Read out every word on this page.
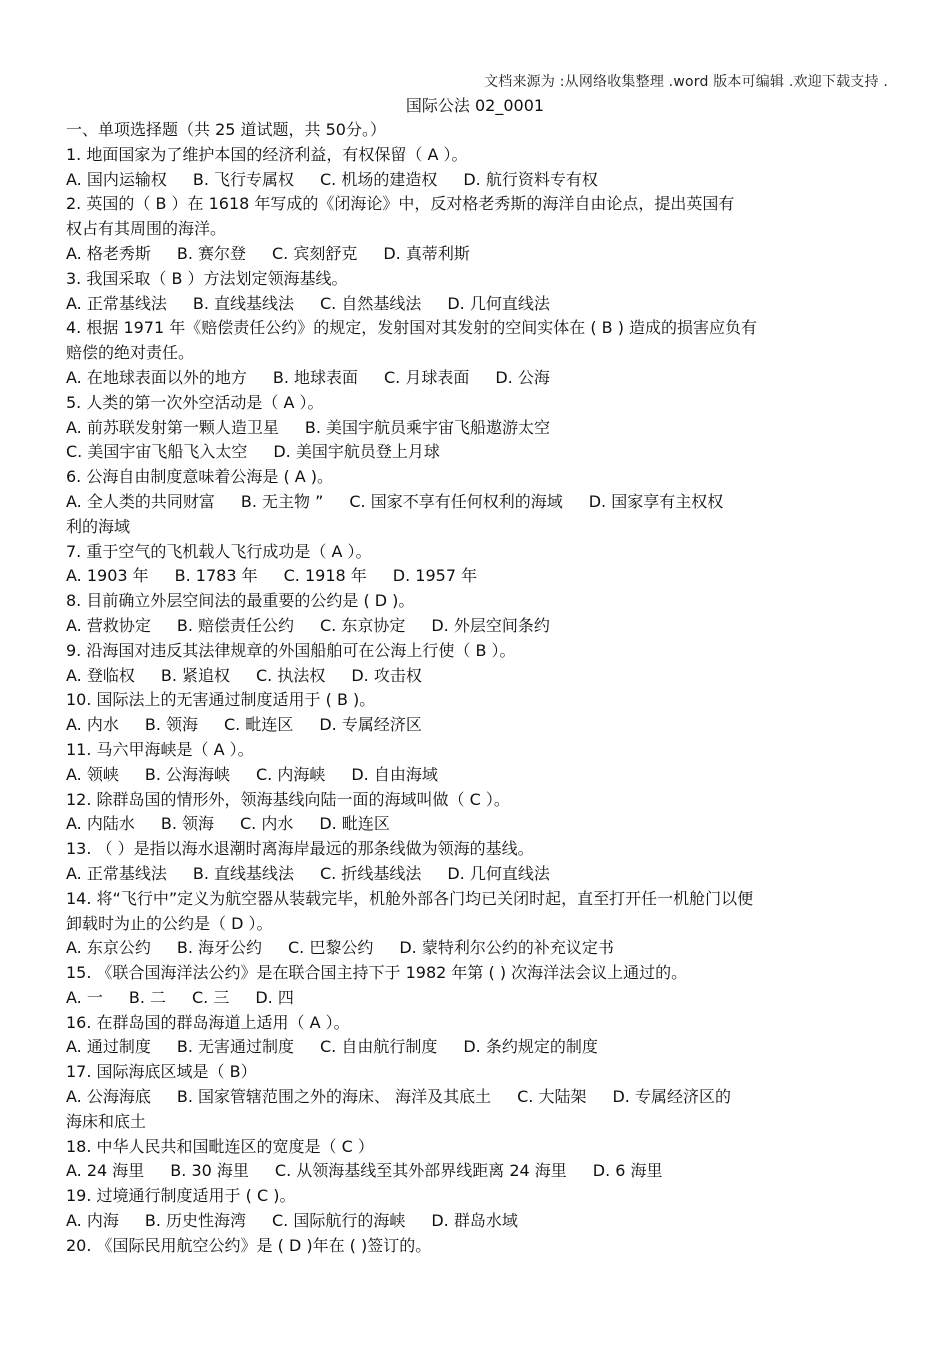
文档来源为 :从网络收集整理 .word 版本可编辑 .欢迎下载支持 .
国际公法 02_0001
一、单项选择题（共 25 道试题，共 50分。）
1. 地面国家为了维护本国的经济利益，有权保留（ A ）。
A. 国内运输权 B. 飞行专属权 C. 机场的建造权 D. 航行资料专有权
2. 英国的（ B ）在 1618 年写成的《闭海论》中，反对格老秀斯的海洋自由论点，提出英国有
权占有其周围的海洋。
A. 格老秀斯 B. 赛尔登 C. 宾刻舒克 D. 真蒂利斯
3. 我国采取（ B ）方法划定领海基线。
A. 正常基线法 B. 直线基线法 C. 自然基线法 D. 几何直线法
4. 根据 1971 年《赔偿责任公约》的规定，发射国对其发射的空间实体在 ( B ) 造成的损害应负有
赔偿的绝对责任。
A. 在地球表面以外的地方 B. 地球表面 C. 月球表面 D. 公海
5. 人类的第一次外空活动是（ A ）。
A. 前苏联发射第一颗人造卫星 B. 美国宇航员乘宇宙飞船遨游太空
C. 美国宇宙飞船飞入太空 D. 美国宇航员登上月球
6. 公海自由制度意味着公海是 ( A )。
A. 全人类的共同财富 B. 无主物 ” C. 国家不享有任何权利的海域 D. 国家享有主权权
利的海域
7. 重于空气的飞机载人飞行成功是（ A ）。
A. 1903 年 B. 1783 年 C. 1918 年 D. 1957 年
8. 目前确立外层空间法的最重要的公约是 ( D )。
A. 营救协定 B. 赔偿责任公约 C. 东京协定 D. 外层空间条约
9. 沿海国对违反其法律规章的外国船舶可在公海上行使（ B ）。
A. 登临权 B. 紧追权 C. 执法权 D. 攻击权
10. 国际法上的无害通过制度适用于 ( B )。
A. 内水 B. 领海 C. 毗连区 D. 专属经济区
11. 马六甲海峡是（ A ）。
A. 领峡 B. 公海海峡 C. 内海峡 D. 自由海域
12. 除群岛国的情形外，领海基线向陆一面的海域叫做（ C ）。
A. 内陆水 B. 领海 C. 内水 D. 毗连区
13. （ ）是指以海水退潮时离海岸最远的那条线做为领海的基线。
A. 正常基线法 B. 直线基线法 C. 折线基线法 D. 几何直线法
14. 将“飞行中”定义为航空器从装载完毕，机舱外部各门均已关闭时起，直至打开任一机舱门以便
卸载时为止的公约是（ D ）。
A. 东京公约 B. 海牙公约 C. 巴黎公约 D. 蒙特利尔公约的补充议定书
15. 《联合国海洋法公约》是在联合国主持下于 1982 年第 ( ) 次海洋法会议上通过的。
A. 一 B. 二 C. 三 D. 四
16. 在群岛国的群岛海道上适用（ A ）。
A. 通过制度 B. 无害通过制度 C. 自由航行制度 D. 条约规定的制度
17. 国际海底区域是（ B）
A. 公海海底 B. 国家管辖范围之外的海床、 海洋及其底土 C. 大陆架 D. 专属经济区的
海床和底土
18. 中华人民共和国毗连区的宽度是（ C ）
A. 24 海里 B. 30 海里 C. 从领海基线至其外部界线距离 24 海里 D. 6 海里
19. 过境通行制度适用于 ( C )。
A. 内海 B. 历史性海湾 C. 国际航行的海峡 D. 群岛水域
20. 《国际民用航空公约》是 ( D )年在 ( )签订的。
